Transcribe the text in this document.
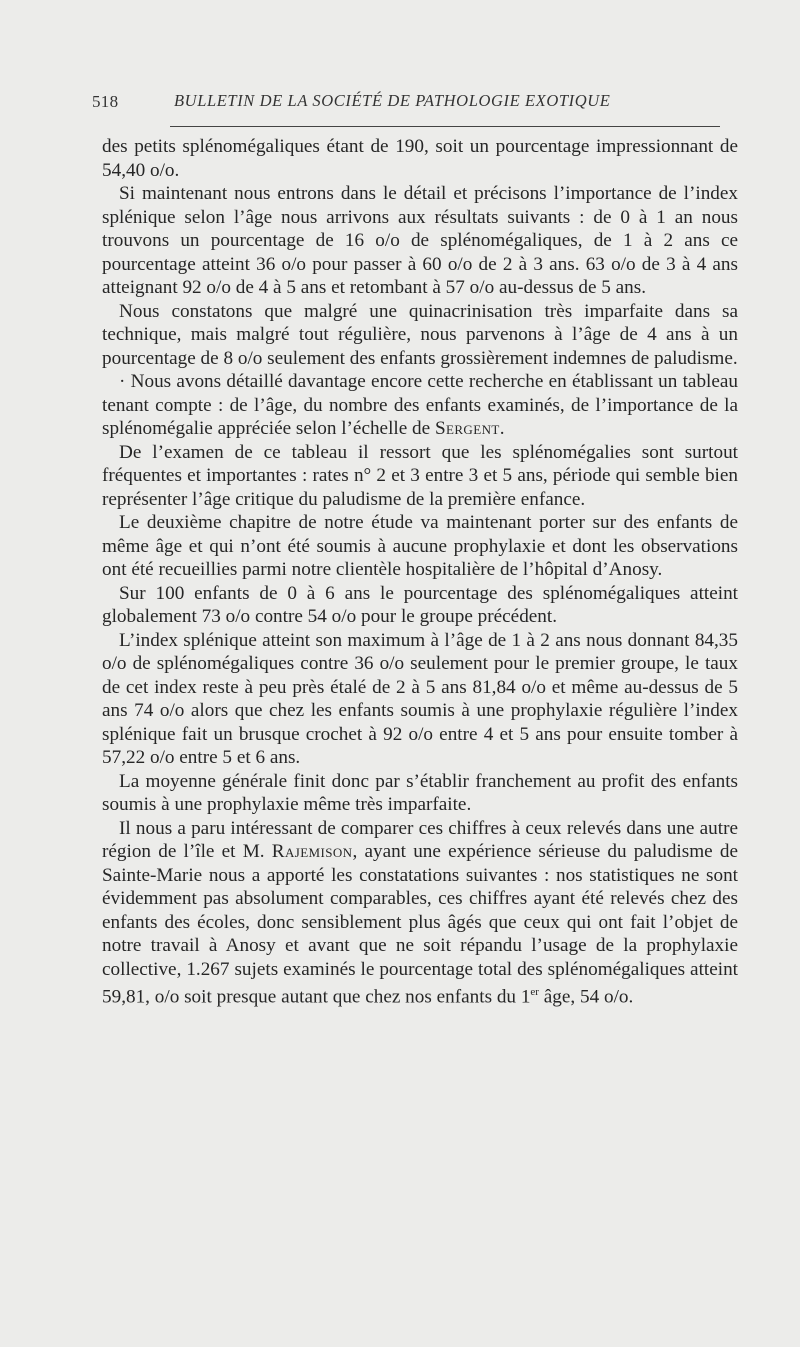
518	BULLETIN DE LA SOCIÉTÉ DE PATHOLOGIE EXOTIQUE

des petits splénomégaliques étant de 190, soit un pourcentage impressionnant de 54,40 o/o.

Si maintenant nous entrons dans le détail et précisons l’importance de l’index splénique selon l’âge nous arrivons aux résultats suivants : de 0 à 1 an nous trouvons un pourcentage de 16 o/o de splénomégaliques, de 1 à 2 ans ce pourcentage atteint 36 o/o pour passer à 60 o/o de 2 à 3 ans. 63 o/o de 3 à 4 ans atteignant 92 o/o de 4 à 5 ans et retombant à 57 o/o au-dessus de 5 ans.

Nous constatons que malgré une quinacrinisation très imparfaite dans sa technique, mais malgré tout régulière, nous parvenons à l’âge de 4 ans à un pourcentage de 8 o/o seulement des enfants grossièrement indemnes de paludisme.

· Nous avons détaillé davantage encore cette recherche en établissant un tableau tenant compte : de l’âge, du nombre des enfants examinés, de l’importance de la splénomégalie appréciée selon l’échelle de Sergent.

De l’examen de ce tableau il ressort que les splénomégalies sont surtout fréquentes et importantes : rates n° 2 et 3 entre 3 et 5 ans, période qui semble bien représenter l’âge critique du paludisme de la première enfance.

Le deuxième chapitre de notre étude va maintenant porter sur des enfants de même âge et qui n’ont été soumis à aucune prophylaxie et dont les observations ont été recueillies parmi notre clientèle hospitalière de l’hôpital d’Anosy.

Sur 100 enfants de 0 à 6 ans le pourcentage des splénomégaliques atteint globalement 73 o/o contre 54 o/o pour le groupe précédent.

L’index splénique atteint son maximum à l’âge de 1 à 2 ans nous donnant 84,35 o/o de splénomégaliques contre 36 o/o seulement pour le premier groupe, le taux de cet index reste à peu près étalé de 2 à 5 ans 81,84 o/o et même au-dessus de 5 ans 74 o/o alors que chez les enfants soumis à une prophylaxie régulière l’index splénique fait un brusque crochet à 92 o/o entre 4 et 5 ans pour ensuite tomber à 57,22 o/o entre 5 et 6 ans.

La moyenne générale finit donc par s’établir franchement au profit des enfants soumis à une prophylaxie même très imparfaite.

Il nous a paru intéressant de comparer ces chiffres à ceux relevés dans une autre région de l’île et M. Rajemison, ayant une expérience sérieuse du paludisme de Sainte-Marie nous a apporté les constatations suivantes : nos statistiques ne sont évidemment pas absolument comparables, ces chiffres ayant été relevés chez des enfants des écoles, donc sensiblement plus âgés que ceux qui ont fait l’objet de notre travail à Anosy et avant que ne soit répandu l’usage de la prophylaxie collective, 1.267 sujets examinés le pourcentage total des splénomégaliques atteint 59,81, o/o soit presque autant que chez nos enfants du 1er âge, 54 o/o.
